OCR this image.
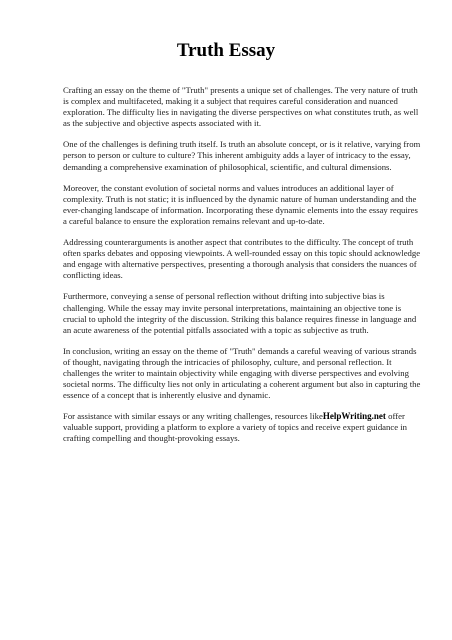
Truth Essay

Crafting an essay on the theme of "Truth" presents a unique set of challenges. The very nature of truth is complex and multifaceted, making it a subject that requires careful consideration and nuanced exploration. The difficulty lies in navigating the diverse perspectives on what constitutes truth, as well as the subjective and objective aspects associated with it.

One of the challenges is defining truth itself. Is truth an absolute concept, or is it relative, varying from person to person or culture to culture? This inherent ambiguity adds a layer of intricacy to the essay, demanding a comprehensive examination of philosophical, scientific, and cultural dimensions.

Moreover, the constant evolution of societal norms and values introduces an additional layer of complexity. Truth is not static; it is influenced by the dynamic nature of human understanding and the ever-changing landscape of information. Incorporating these dynamic elements into the essay requires a careful balance to ensure the exploration remains relevant and up-to-date.

Addressing counterarguments is another aspect that contributes to the difficulty. The concept of truth often sparks debates and opposing viewpoints. A well-rounded essay on this topic should acknowledge and engage with alternative perspectives, presenting a thorough analysis that considers the nuances of conflicting ideas.

Furthermore, conveying a sense of personal reflection without drifting into subjective bias is challenging. While the essay may invite personal interpretations, maintaining an objective tone is crucial to uphold the integrity of the discussion. Striking this balance requires finesse in language and an acute awareness of the potential pitfalls associated with a topic as subjective as truth.

In conclusion, writing an essay on the theme of "Truth" demands a careful weaving of various strands of thought, navigating through the intricacies of philosophy, culture, and personal reflection. It challenges the writer to maintain objectivity while engaging with diverse perspectives and evolving societal norms. The difficulty lies not only in articulating a coherent argument but also in capturing the essence of a concept that is inherently elusive and dynamic.

For assistance with similar essays or any writing challenges, resources likeHelpWriting.net offer valuable support, providing a platform to explore a variety of topics and receive expert guidance in crafting compelling and thought-provoking essays.
